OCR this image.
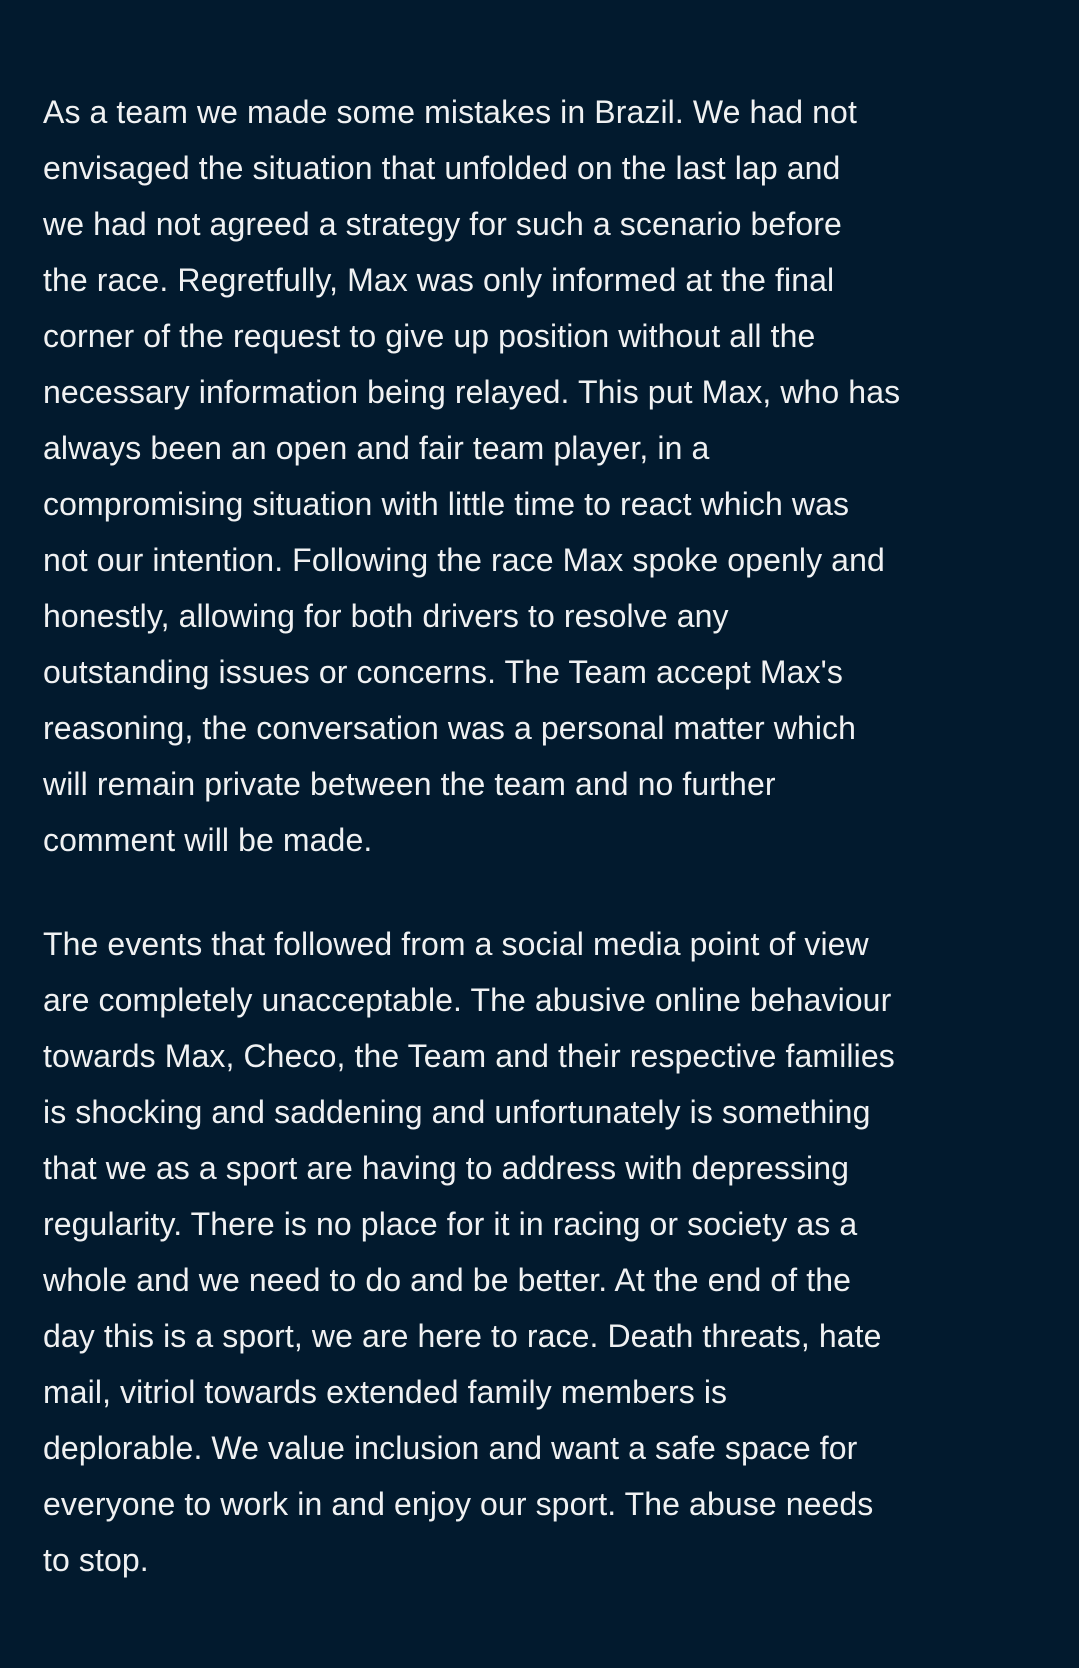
As a team we made some mistakes in Brazil. We had not
envisaged the situation that unfolded on the last lap and
we had not agreed a strategy for such a scenario before
the race. Regretfully, Max was only informed at the final
corner of the request to give up position without all the
necessary information being relayed. This put Max, who has
always been an open and fair team player, in a
compromising situation with little time to react which was
not our intention. Following the race Max spoke openly and
honestly, allowing for both drivers to resolve any
outstanding issues or concerns. The Team accept Max's
reasoning, the conversation was a personal matter which
will remain private between the team and no further
comment will be made.
The events that followed from a social media point of view
are completely unacceptable. The abusive online behaviour
towards Max, Checo, the Team and their respective families
is shocking and saddening and unfortunately is something
that we as a sport are having to address with depressing
regularity. There is no place for it in racing or society as a
whole and we need to do and be better. At the end of the
day this is a sport, we are here to race. Death threats, hate
mail, vitriol towards extended family members is
deplorable. We value inclusion and want a safe space for
everyone to work in and enjoy our sport. The abuse needs
to stop.
